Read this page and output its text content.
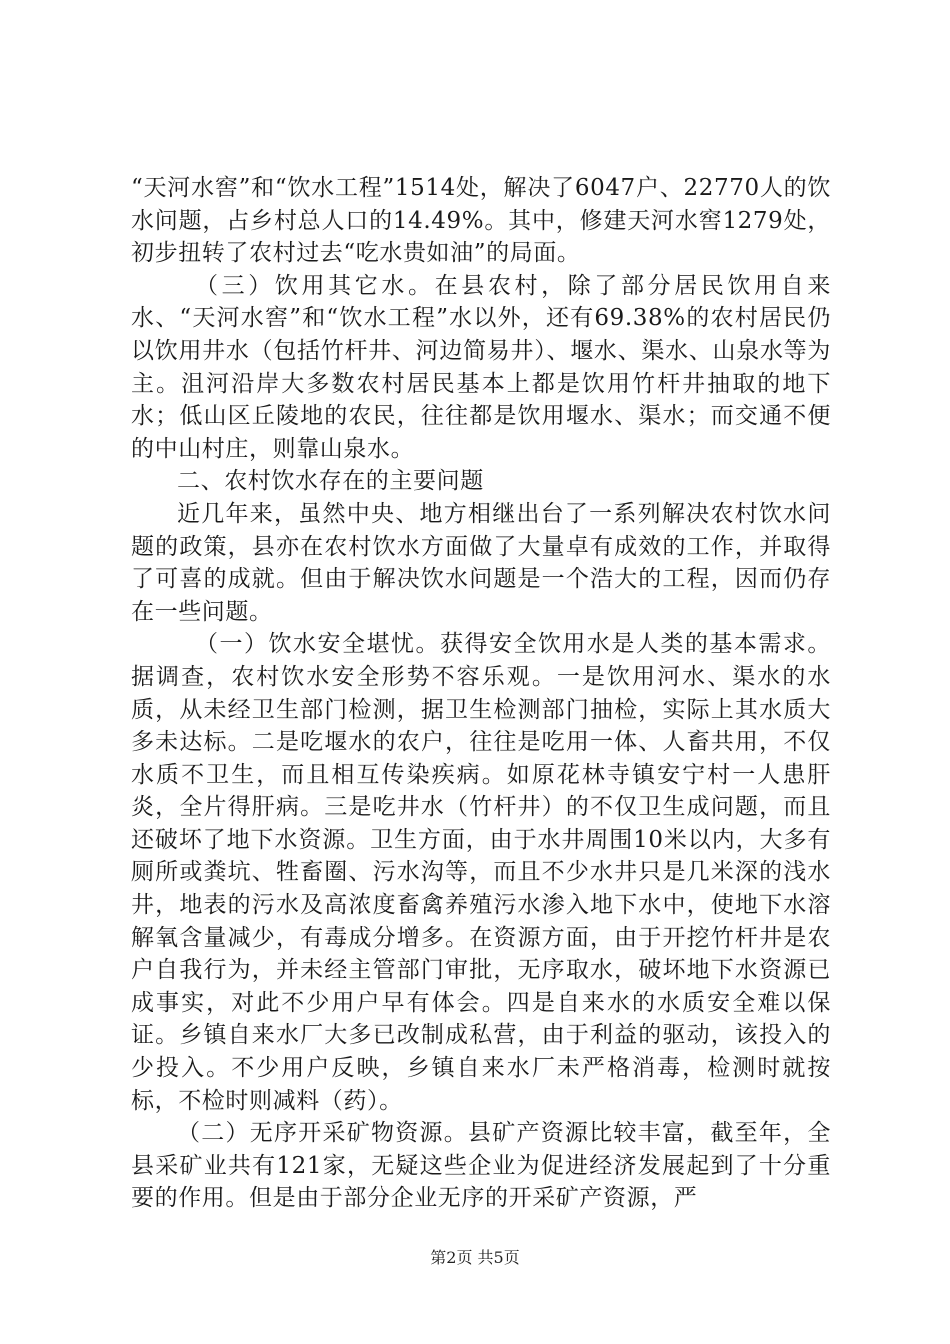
“天河水窖”和“饮水工程”1514处，解决了6047户、22770人的饮水问题，占乡村总人口的14.49%。其中，修建天河水窖1279处，初步扭转了农村过去“吃水贵如油”的局面。

（三）饮用其它水。在县农村，除了部分居民饮用自来水、“天河水窖”和“饮水工程”水以外，还有69.38%的农村居民仍以饮用井水（包括竹杆井、河边简易井）、堰水、渠水、山泉水等为主。沮河沿岸大多数农村居民基本上都是饮用竹杆井抽取的地下水；低山区丘陵地的农民，往往都是饮用堰水、渠水；而交通不便的中山村庄，则靠山泉水。

二、农村饮水存在的主要问题

近几年来，虽然中央、地方相继出台了一系列解决农村饮水问题的政策，县亦在农村饮水方面做了大量卓有成效的工作，并取得了可喜的成就。但由于解决饮水问题是一个浩大的工程，因而仍存在一些问题。

（一）饮水安全堪忧。获得安全饮用水是人类的基本需求。据调查，农村饮水安全形势不容乐观。一是饮用河水、渠水的水质，从未经卫生部门检测，据卫生检测部门抽检，实际上其水质大多未达标。二是吃堰水的农户，往往是吃用一体、人畜共用，不仅水质不卫生，而且相互传染疾病。如原花林寺镇安宁村一人患肝炎，全片得肝病。三是吃井水（竹杆井）的不仅卫生成问题，而且还破坏了地下水资源。卫生方面，由于水井周围10米以内，大多有厕所或粪坑、牲畜圈、污水沟等，而且不少水井只是几米深的浅水井，地表的污水及高浓度畜禽养殖污水渗入地下水中，使地下水溶解氧含量减少，有毒成分增多。在资源方面，由于开挖竹杆井是农户自我行为，并未经主管部门审批，无序取水，破坏地下水资源已成事实，对此不少用户早有体会。四是自来水的水质安全难以保证。乡镇自来水厂大多已改制成私营，由于利益的驱动，该投入的少投入。不少用户反映，乡镇自来水厂未严格消毒，检测时就按标，不检时则减料（药）。

（二）无序开采矿物资源。县矿产资源比较丰富，截至年，全县采矿业共有121家，无疑这些企业为促进经济发展起到了十分重要的作用。但是由于部分企业无序的开采矿产资源，严

第2页 共5页
